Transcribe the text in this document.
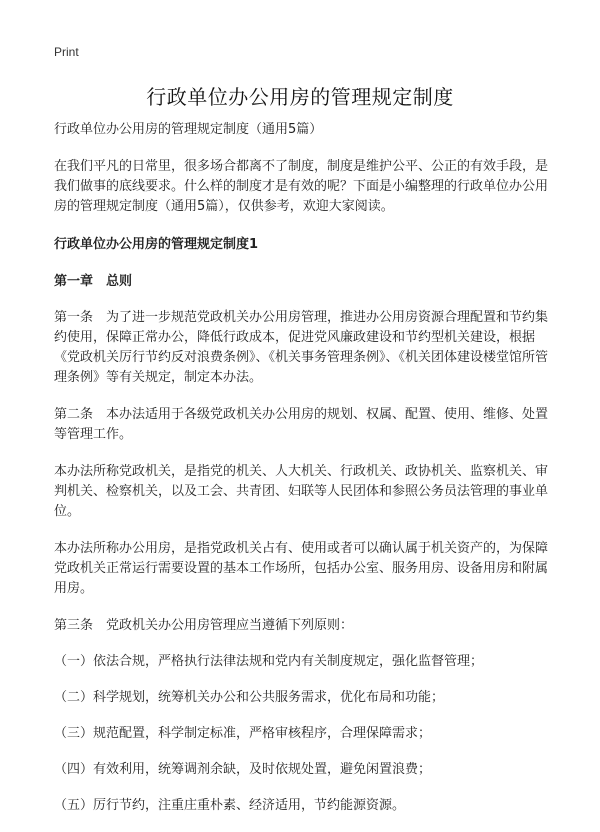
Print
行政单位办公用房的管理规定制度

行政单位办公用房的管理规定制度（通用5篇）

在我们平凡的日常里，很多场合都离不了制度，制度是维护公平、公正的有效手段，是我们做事的底线要求。什么样的制度才是有效的呢？下面是小编整理的行政单位办公用房的管理规定制度（通用5篇），仅供参考，欢迎大家阅读。

行政单位办公用房的管理规定制度1

第一章　总则

第一条　为了进一步规范党政机关办公用房管理，推进办公用房资源合理配置和节约集约使用，保障正常办公，降低行政成本，促进党风廉政建设和节约型机关建设，根据《党政机关厉行节约反对浪费条例》、《机关事务管理条例》、《机关团体建设楼堂馆所管理条例》等有关规定，制定本办法。

第二条　本办法适用于各级党政机关办公用房的规划、权属、配置、使用、维修、处置等管理工作。

本办法所称党政机关，是指党的机关、人大机关、行政机关、政协机关、监察机关、审判机关、检察机关，以及工会、共青团、妇联等人民团体和参照公务员法管理的事业单位。

本办法所称办公用房，是指党政机关占有、使用或者可以确认属于机关资产的，为保障党政机关正常运行需要设置的基本工作场所，包括办公室、服务用房、设备用房和附属用房。

第三条　党政机关办公用房管理应当遵循下列原则：

（一）依法合规，严格执行法律法规和党内有关制度规定，强化监督管理；

（二）科学规划，统筹机关办公和公共服务需求，优化布局和功能；

（三）规范配置，科学制定标准，严格审核程序，合理保障需求；

（四）有效利用，统筹调剂余缺，及时依规处置，避免闲置浪费；

（五）厉行节约，注重庄重朴素、经济适用，节约能源资源。
